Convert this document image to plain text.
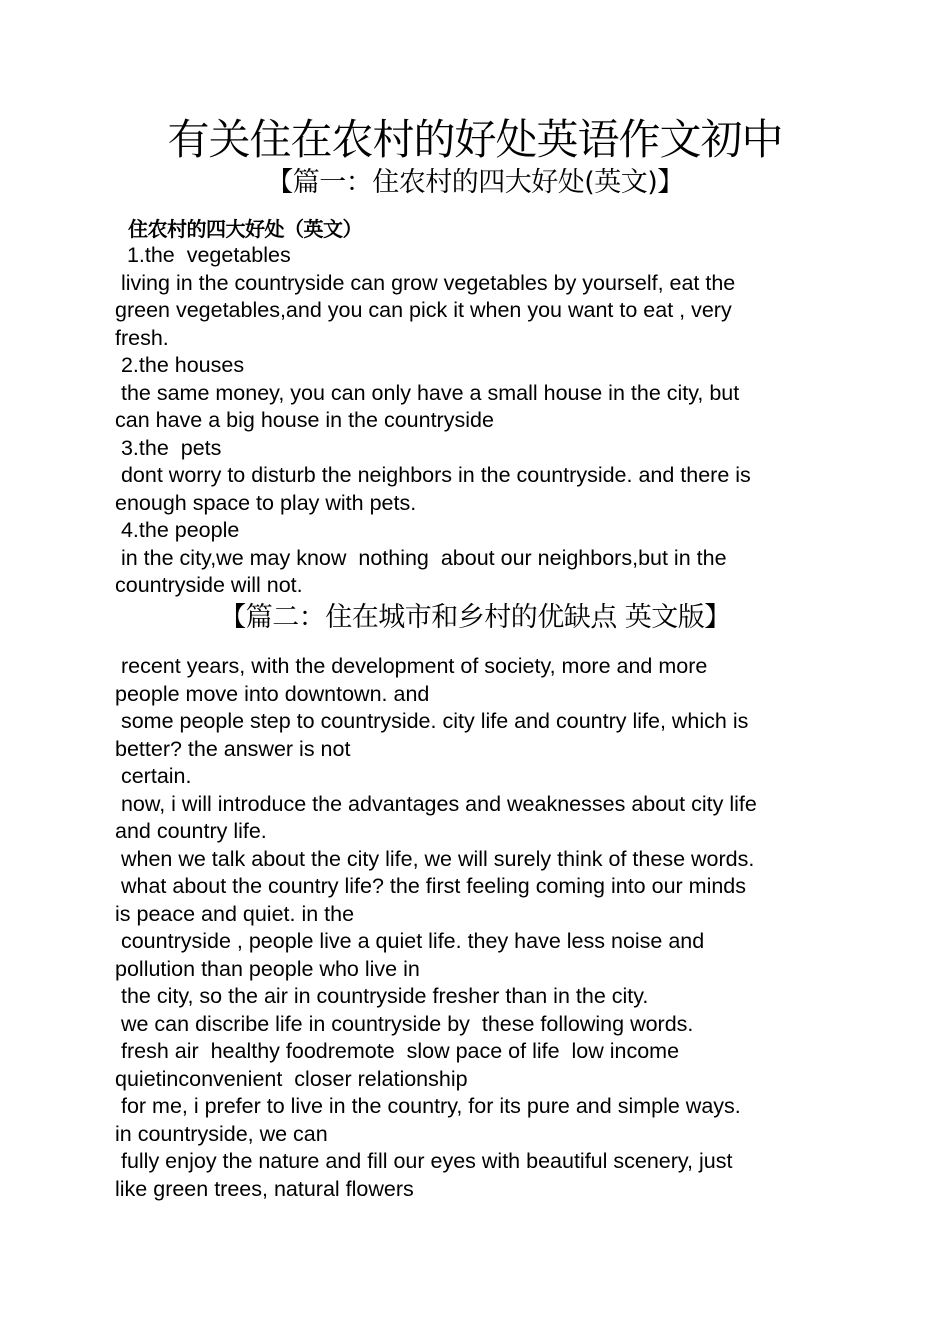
有关住在农村的好处英语作文初中
【篇一：住农村的四大好处(英文)】
住农村的四大好处（英文）
1.the  vegetables
living in the countryside can grow vegetables by yourself, eat the
green vegetables,and you can pick it when you want to eat , very
fresh.
2.the houses
the same money, you can only have a small house in the city, but
can have a big house in the countryside
3.the  pets
dont worry to disturb the neighbors in the countryside. and there is
enough space to play with pets.
4.the people
in the city,we may know  nothing  about our neighbors,but in the
countryside will not.
【篇二：住在城市和乡村的优缺点 英文版】
recent years, with the development of society, more and more
people move into downtown. and
some people step to countryside. city life and country life, which is
better? the answer is not
certain.
now, i will introduce the advantages and weaknesses about city life
and country life.
when we talk about the city life, we will surely think of these words.
what about the country life? the first feeling coming into our minds
is peace and quiet. in the
countryside , people live a quiet life. they have less noise and
pollution than people who live in
the city, so the air in countryside fresher than in the city.
we can discribe life in countryside by  these following words.
fresh air  healthy foodremote  slow pace of life  low income
quietinconvenient  closer relationship
for me, i prefer to live in the country, for its pure and simple ways.
in countryside, we can
fully enjoy the nature and fill our eyes with beautiful scenery, just
like green trees, natural flowers
